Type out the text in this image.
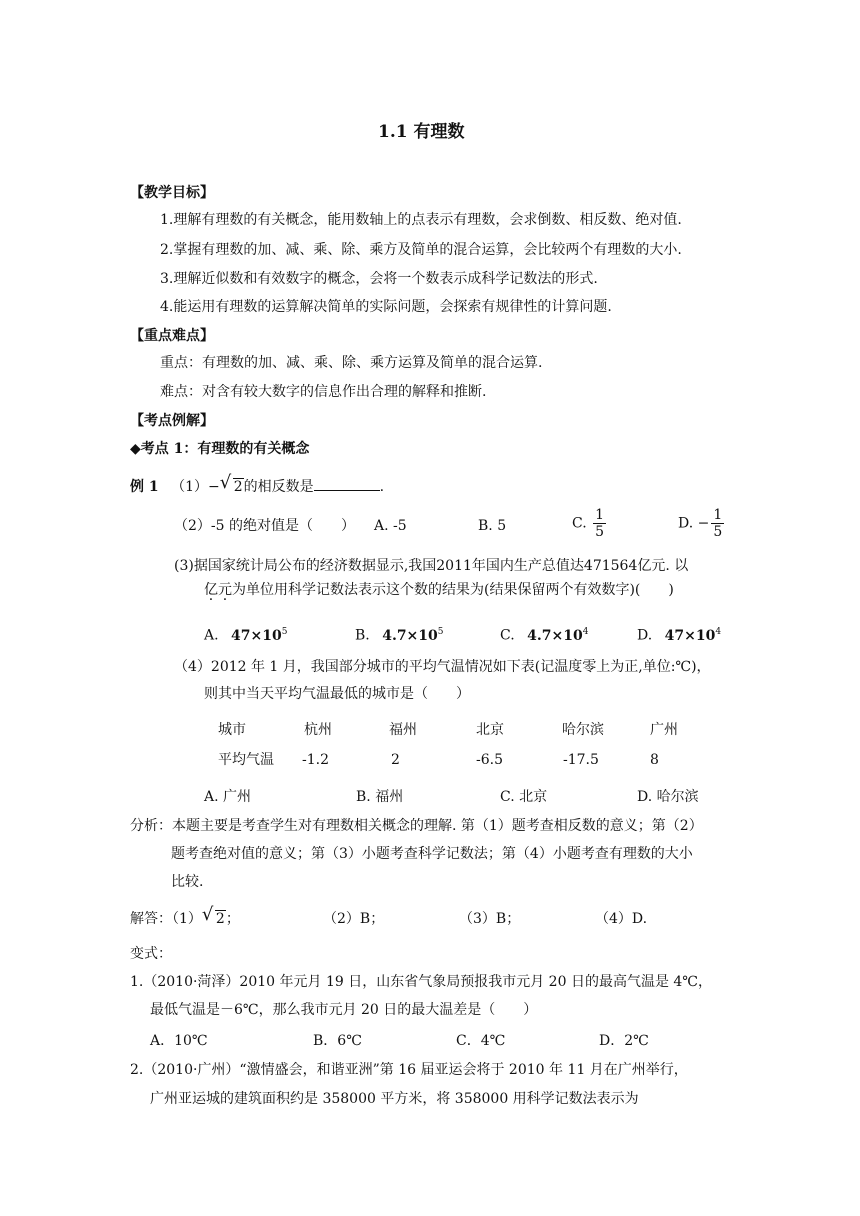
1.1 有理数
【教学目标】
1.理解有理数的有关概念，能用数轴上的点表示有理数，会求倒数、相反数、绝对值.
2.掌握有理数的加、减、乘、除、乘方及简单的混合运算，会比较两个有理数的大小.
3.理解近似数和有效数字的概念，会将一个数表示成科学记数法的形式.
4.能运用有理数的运算解决简单的实际问题，会探索有规律性的计算问题.
【重点难点】
重点：有理数的加、减、乘、除、乘方运算及简单的混合运算.
难点：对含有较大数字的信息作出合理的解释和推断.
【考点例解】
◆考点 1：有理数的有关概念
例 1 （1）− √ 2的相反数是	.
（2）-5 的绝对值是（　　） A. -5	B. 5	C. $\frac{1}{5}$	D. − $\frac{1}{5}$
(3)据国家统计局公布的经济数据显示,我国2011年国内生产总值达471564亿元. 以
亿元为单位用科学记数法表示这个数的结果为(结果保留两个有效数字)(　　)
A. $47\times 10^5$	B. $4.7\times 10^5$	C. $4.7\times 10^4$	D. $47\times 10^4$
（4）2012 年 1 月，我国部分城市的平均气温情况如下表(记温度零上为正,单位:℃)，
则其中当天平均气温最低的城市是（　　）
城市	杭州	福州	北京	哈尔滨	广州
平均气温 -1.2	2	-6.5	-17.5	8
A. 广州	B. 福州	C. 北京	D. 哈尔滨
分析：本题主要是考查学生对有理数相关概念的理解. 第（1）题考查相反数的意义；第（2）
题考查绝对值的意义；第（3）小题考查科学记数法；第（4）小题考查有理数的大小
比较.
解答：（1） √ 2；	（2）B；	（3）B；	（4）D.
变式：
1.（2010·菏泽）2010 年元月 19 日，山东省气象局预报我市元月 20 日的最高气温是 4℃，
最低气温是－6℃，那么我市元月 20 日的最大温差是（　　）
A．10℃	B．6℃	C．4℃	D．2℃
2.（2010·广州）“激情盛会，和谐亚洲”第 16 届亚运会将于 2010 年 11 月在广州举行，
广州亚运城的建筑面积约是 358000 平方米，将 358000 用科学记数法表示为
